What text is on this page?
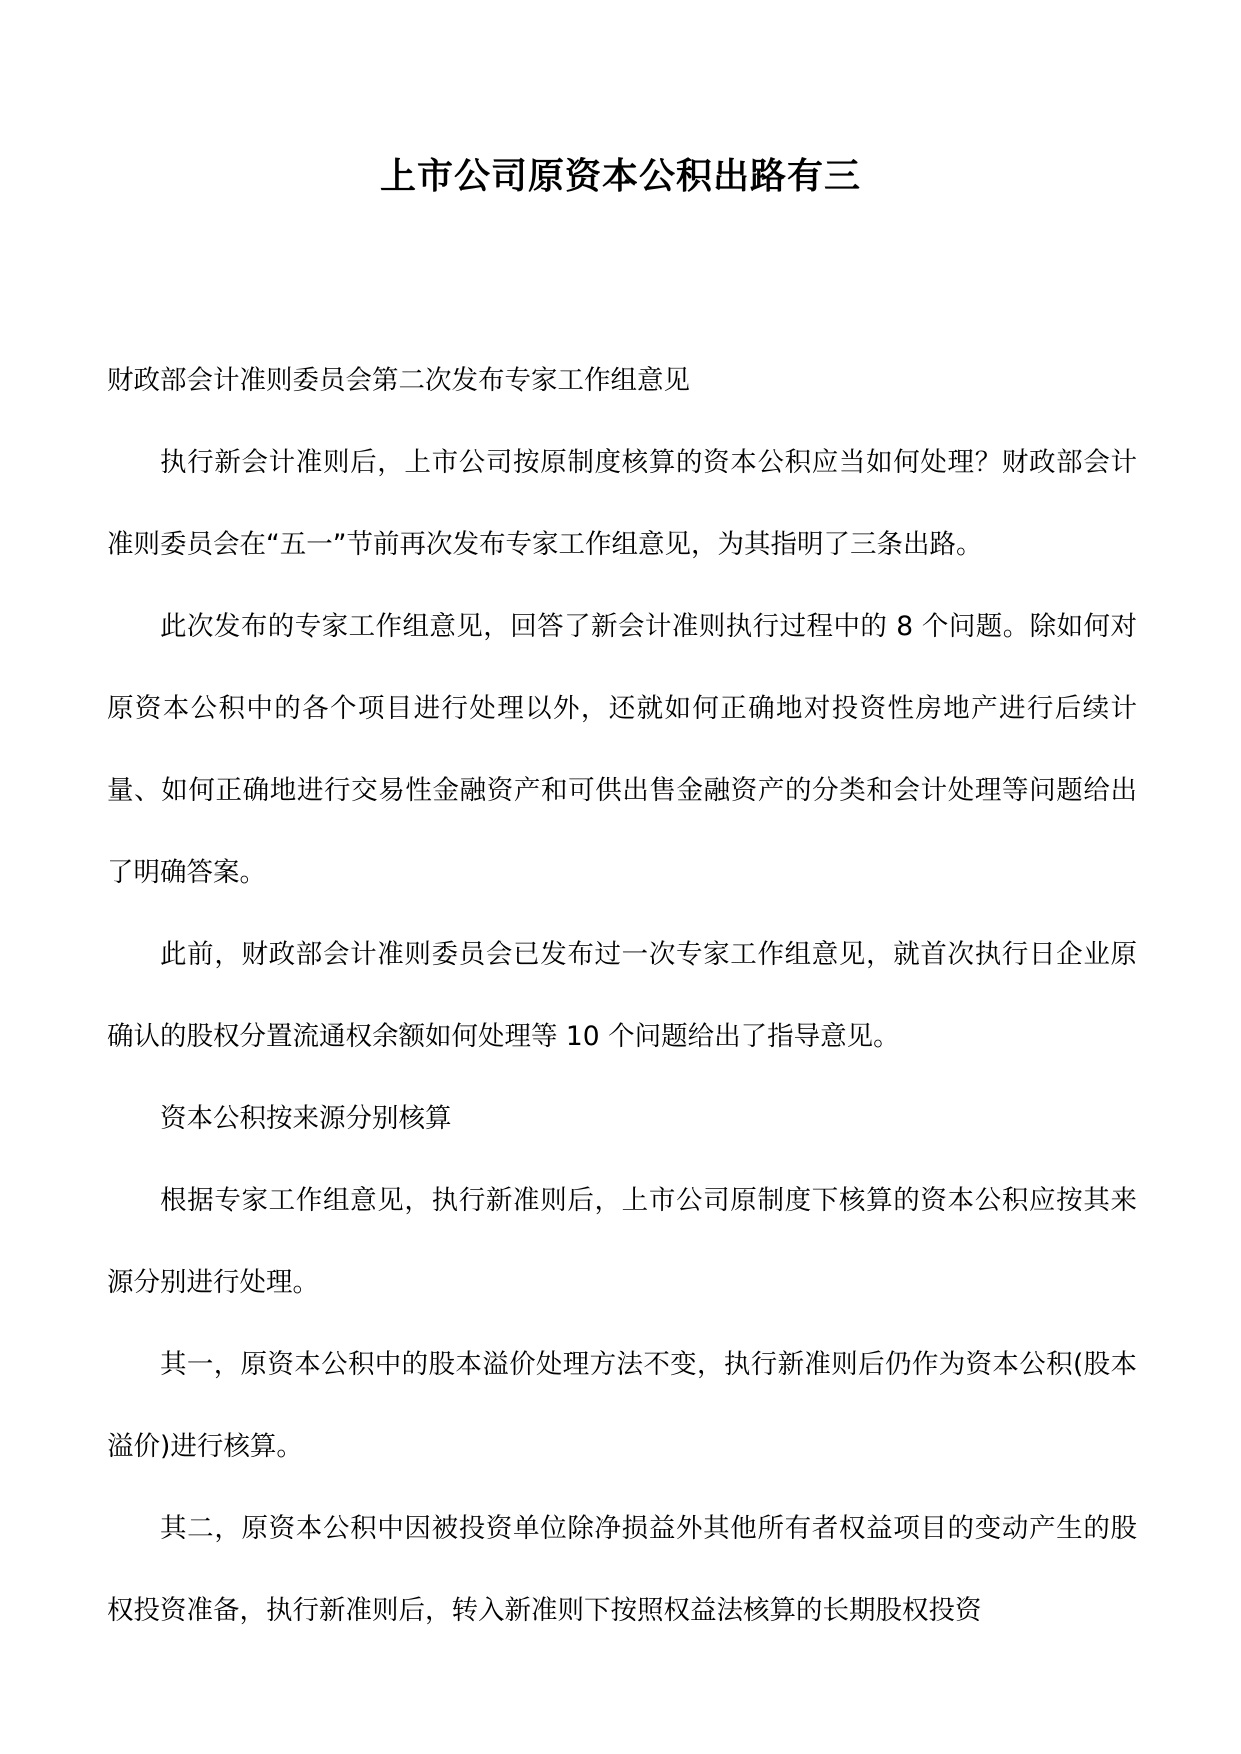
上市公司原资本公积出路有三

财政部会计准则委员会第二次发布专家工作组意见

执行新会计准则后，上市公司按原制度核算的资本公积应当如何处理？财政部会计准则委员会在“五一”节前再次发布专家工作组意见，为其指明了三条出路。

此次发布的专家工作组意见，回答了新会计准则执行过程中的 8 个问题。除如何对原资本公积中的各个项目进行处理以外，还就如何正确地对投资性房地产进行后续计量、如何正确地进行交易性金融资产和可供出售金融资产的分类和会计处理等问题给出了明确答案。

此前，财政部会计准则委员会已发布过一次专家工作组意见，就首次执行日企业原确认的股权分置流通权余额如何处理等 10 个问题给出了指导意见。

资本公积按来源分别核算

根据专家工作组意见，执行新准则后，上市公司原制度下核算的资本公积应按其来源分别进行处理。

其一，原资本公积中的股本溢价处理方法不变，执行新准则后仍作为资本公积(股本溢价)进行核算。

其二，原资本公积中因被投资单位除净损益外其他所有者权益项目的变动产生的股权投资准备，执行新准则后，转入新准则下按照权益法核算的长期股权投资
